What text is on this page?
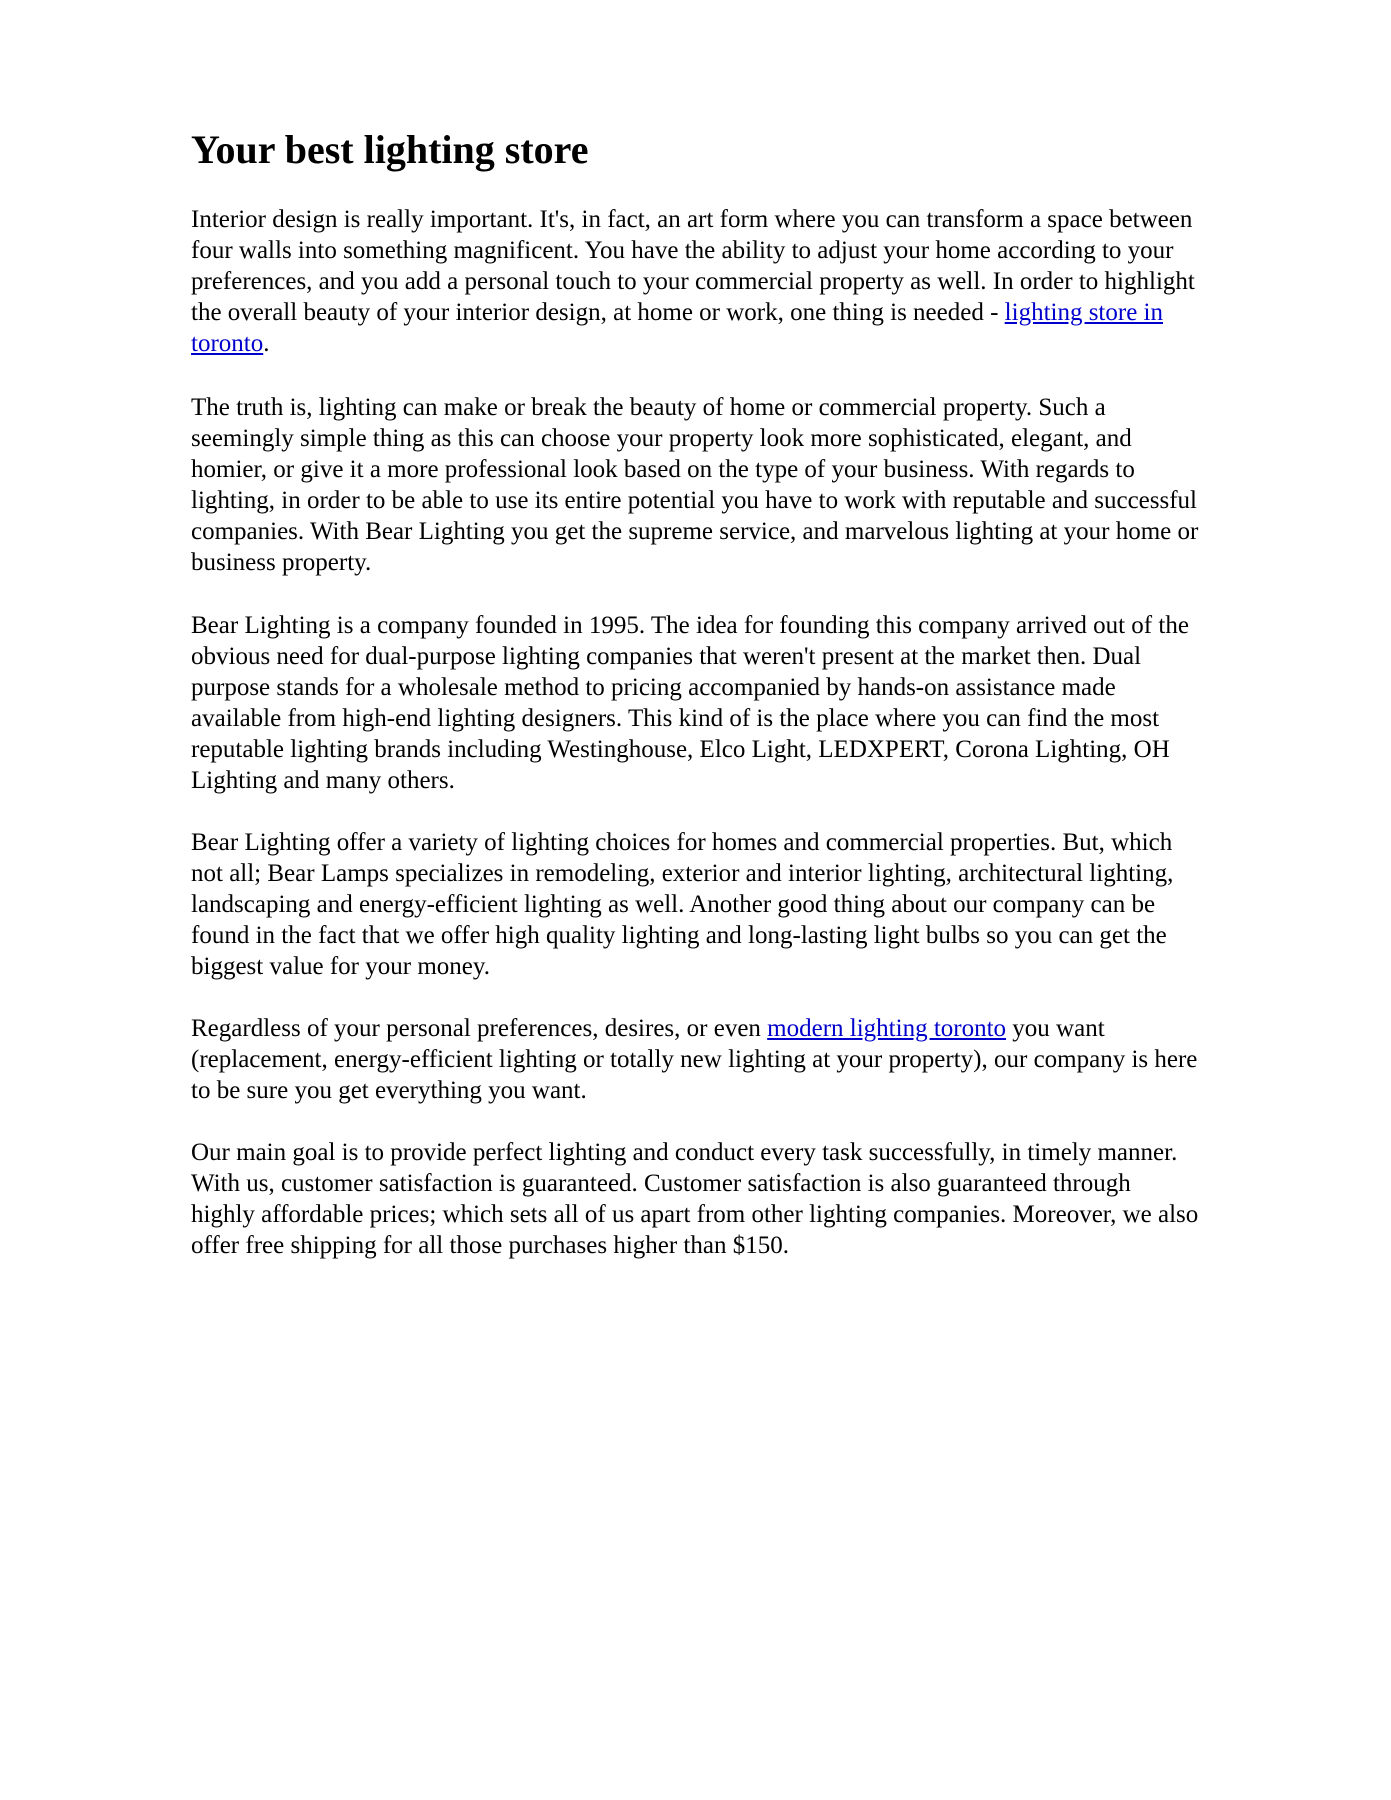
Your best lighting store

Interior design is really important. It's, in fact, an art form where you can transform a space between
four walls into something magnificent. You have the ability to adjust your home according to your
preferences, and you add a personal touch to your commercial property as well. In order to highlight
the overall beauty of your interior design, at home or work, one thing is needed - lighting store in
toronto.

The truth is, lighting can make or break the beauty of home or commercial property. Such a
seemingly simple thing as this can choose your property look more sophisticated, elegant, and
homier, or give it a more professional look based on the type of your business. With regards to
lighting, in order to be able to use its entire potential you have to work with reputable and successful
companies. With Bear Lighting you get the supreme service, and marvelous lighting at your home or
business property.

Bear Lighting is a company founded in 1995. The idea for founding this company arrived out of the
obvious need for dual-purpose lighting companies that weren't present at the market then. Dual
purpose stands for a wholesale method to pricing accompanied by hands-on assistance made
available from high-end lighting designers. This kind of is the place where you can find the most
reputable lighting brands including Westinghouse, Elco Light, LEDXPERT, Corona Lighting, OH
Lighting and many others.

Bear Lighting offer a variety of lighting choices for homes and commercial properties. But, which
not all; Bear Lamps specializes in remodeling, exterior and interior lighting, architectural lighting,
landscaping and energy-efficient lighting as well. Another good thing about our company can be
found in the fact that we offer high quality lighting and long-lasting light bulbs so you can get the
biggest value for your money.

Regardless of your personal preferences, desires, or even modern lighting toronto you want
(replacement, energy-efficient lighting or totally new lighting at your property), our company is here
to be sure you get everything you want.

Our main goal is to provide perfect lighting and conduct every task successfully, in timely manner.
With us, customer satisfaction is guaranteed. Customer satisfaction is also guaranteed through
highly affordable prices; which sets all of us apart from other lighting companies. Moreover, we also
offer free shipping for all those purchases higher than $150.
